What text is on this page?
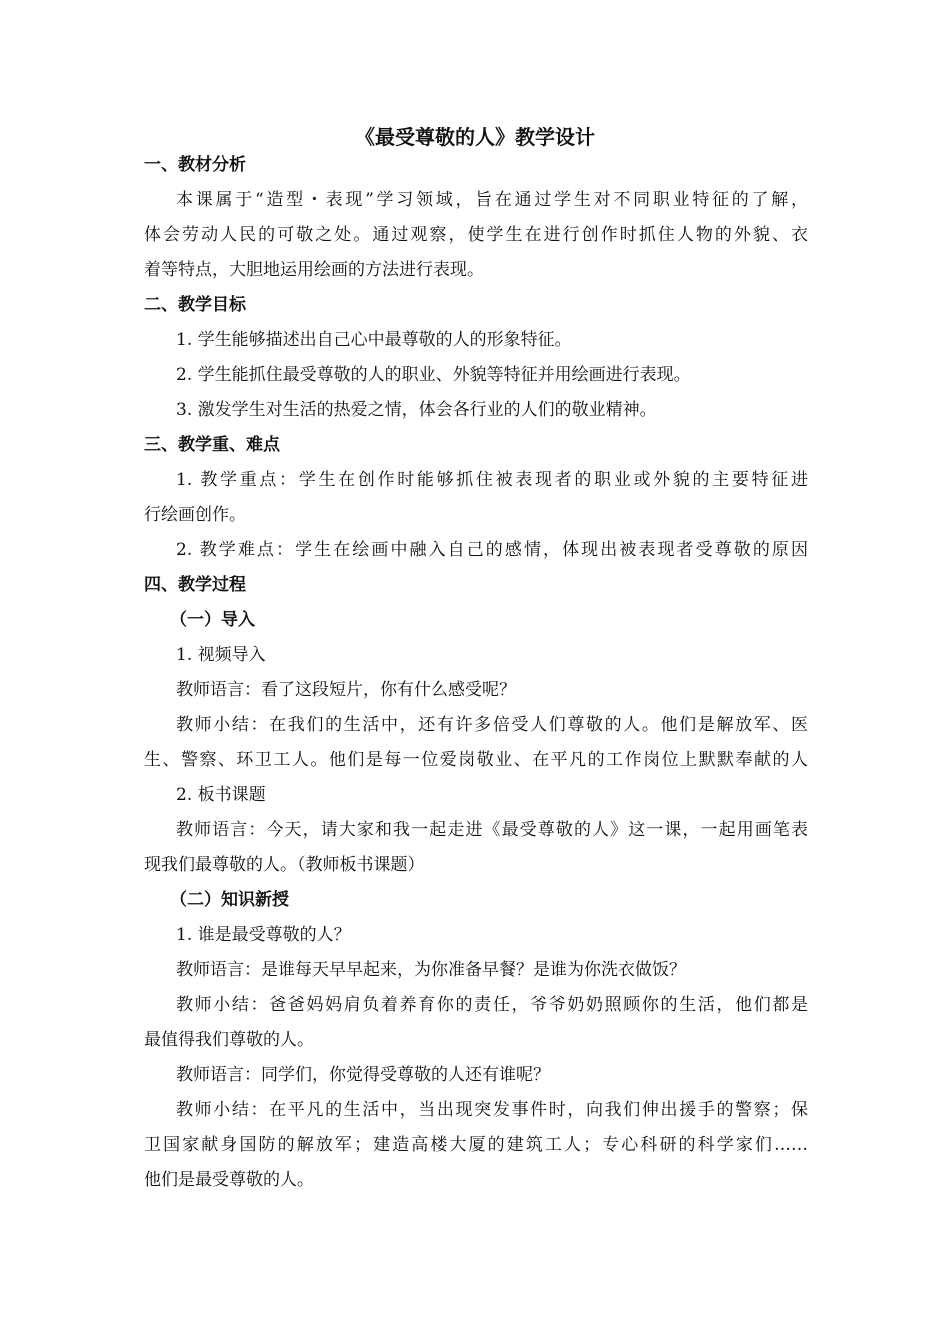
《最受尊敬的人》教学设计
一、教材分析
本课属于“造型・表现”学习领域，旨在通过学生对不同职业特征的了解，
体会劳动人民的可敬之处。通过观察，使学生在进行创作时抓住人物的外貌、衣
着等特点，大胆地运用绘画的方法进行表现。
二、教学目标
1. 学生能够描述出自己心中最尊敬的人的形象特征。
2. 学生能抓住最受尊敬的人的职业、外貌等特征并用绘画进行表现。
3. 激发学生对生活的热爱之情，体会各行业的人们的敬业精神。
三、教学重、难点
1. 教学重点：学生在创作时能够抓住被表现者的职业或外貌的主要特征进
行绘画创作。
2. 教学难点：学生在绘画中融入自己的感情，体现出被表现者受尊敬的原因
四、教学过程
（一）导入
1. 视频导入
教师语言：看了这段短片，你有什么感受呢？
教师小结：在我们的生活中，还有许多倍受人们尊敬的人。他们是解放军、医
生、警察、环卫工人。他们是每一位爱岗敬业、在平凡的工作岗位上默默奉献的人
2. 板书课题
教师语言：今天，请大家和我一起走进《最受尊敬的人》这一课，一起用画笔表
现我们最尊敬的人。（教师板书课题）
（二）知识新授
1. 谁是最受尊敬的人？
教师语言：是谁每天早早起来，为你准备早餐？是谁为你洗衣做饭？
教师小结：爸爸妈妈肩负着养育你的责任，爷爷奶奶照顾你的生活，他们都是
最值得我们尊敬的人。
教师语言：同学们，你觉得受尊敬的人还有谁呢？
教师小结：在平凡的生活中，当出现突发事件时，向我们伸出援手的警察；保
卫国家献身国防的解放军；建造高楼大厦的建筑工人；专心科研的科学家们……
他们是最受尊敬的人。
